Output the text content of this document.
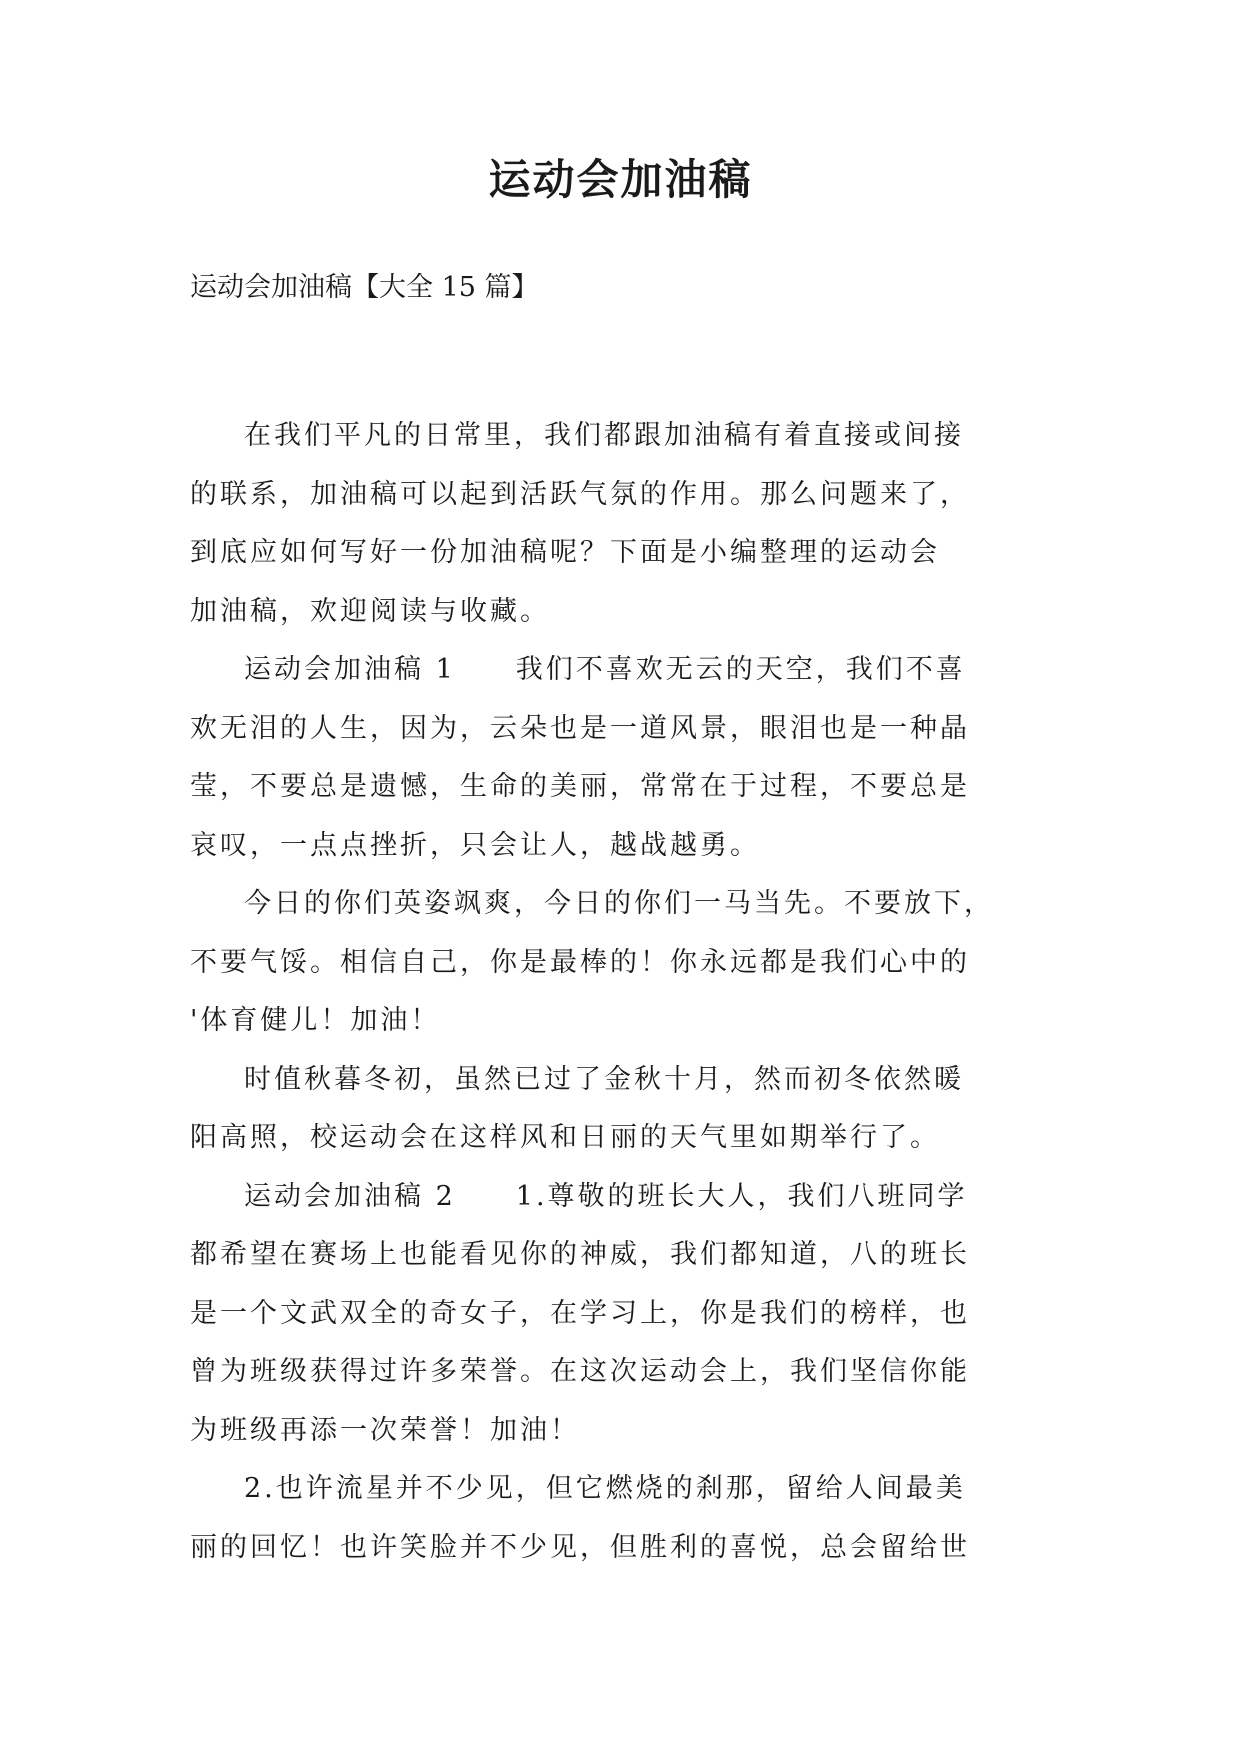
运动会加油稿

运动会加油稿【大全 15 篇】

在我们平凡的日常里，我们都跟加油稿有着直接或间接
的联系，加油稿可以起到活跃气氛的作用。那么问题来了，
到底应如何写好一份加油稿呢？下面是小编整理的运动会
加油稿，欢迎阅读与收藏。

运动会加油稿 1　　我们不喜欢无云的天空，我们不喜
欢无泪的人生，因为，云朵也是一道风景，眼泪也是一种晶
莹，不要总是遗憾，生命的美丽，常常在于过程，不要总是
哀叹，一点点挫折，只会让人，越战越勇。

今日的你们英姿飒爽，今日的你们一马当先。不要放下，
不要气馁。相信自己，你是最棒的！你永远都是我们心中的
'体育健儿！加油！

时值秋暮冬初，虽然已过了金秋十月，然而初冬依然暖
阳高照，校运动会在这样风和日丽的天气里如期举行了。

运动会加油稿 2　　1.尊敬的班长大人，我们八班同学
都希望在赛场上也能看见你的神威，我们都知道，八的班长
是一个文武双全的奇女子，在学习上，你是我们的榜样，也
曾为班级获得过许多荣誉。在这次运动会上，我们坚信你能
为班级再添一次荣誉！加油！

2.也许流星并不少见，但它燃烧的刹那，留给人间最美
丽的回忆！也许笑脸并不少见，但胜利的喜悦，总会留给世
